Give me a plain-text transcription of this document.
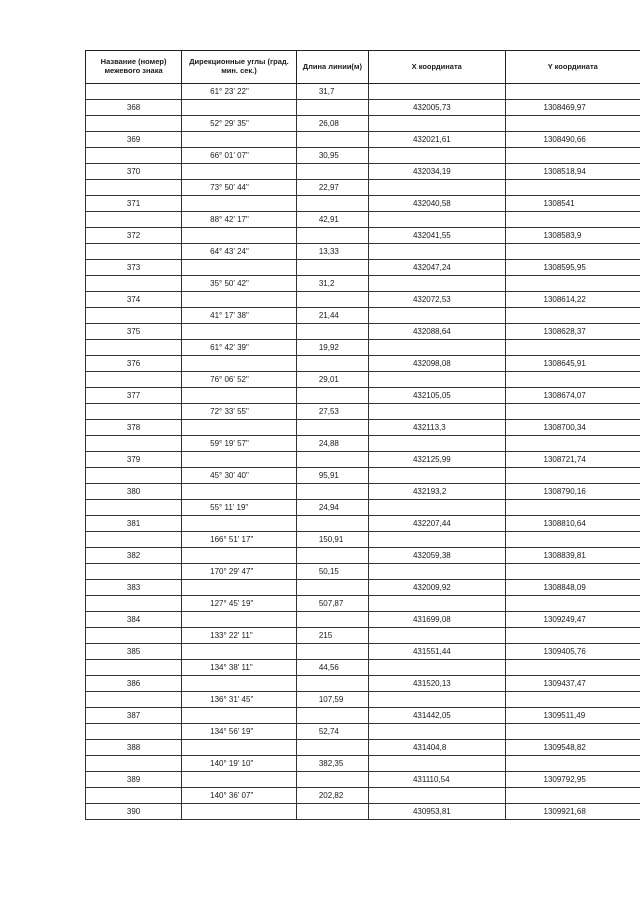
Название (номер) межевого знака	Дирекционные углы (град. мин. сек.)	Длина линии(м)	X координата	Y координата
	61° 23' 22"	31,7		
368			432005,73	1308469,97
	52° 29' 35"	26,08		
369			432021,61	1308490,66
	66° 01' 07"	30,95		
370			432034,19	1308518,94
	73° 50' 44"	22,97		
371			432040,58	1308541
	88° 42' 17"	42,91		
372			432041,55	1308583,9
	64° 43' 24"	13,33		
373			432047,24	1308595,95
	35° 50' 42"	31,2		
374			432072,53	1308614,22
	41° 17' 38"	21,44		
375			432088,64	1308628,37
	61° 42' 39"	19,92		
376			432098,08	1308645,91
	76° 06' 52"	29,01		
377			432105,05	1308674,07
	72° 33' 55"	27,53		
378			432113,3	1308700,34
	59° 19' 57"	24,88		
379			432125,99	1308721,74
	45° 30' 40"	95,91		
380			432193,2	1308790,16
	55° 11' 19"	24,94		
381			432207,44	1308810,64
	166° 51' 17"	150,91		
382			432059,38	1308839,81
	170° 29' 47"	50,15		
383			432009,92	1308848,09
	127° 45' 19"	507,87		
384			431699,08	1309249,47
	133° 22' 11"	215		
385			431551,44	1309405,76
	134° 38' 11"	44,56		
386			431520,13	1309437,47
	136° 31' 45"	107,59		
387			431442,05	1309511,49
	134° 56' 19"	52,74		
388			431404,8	1309548,82
	140° 19' 10"	382,35		
389			431110,54	1309792,95
	140° 36' 07"	202,82		
390			430953,81	1309921,68
